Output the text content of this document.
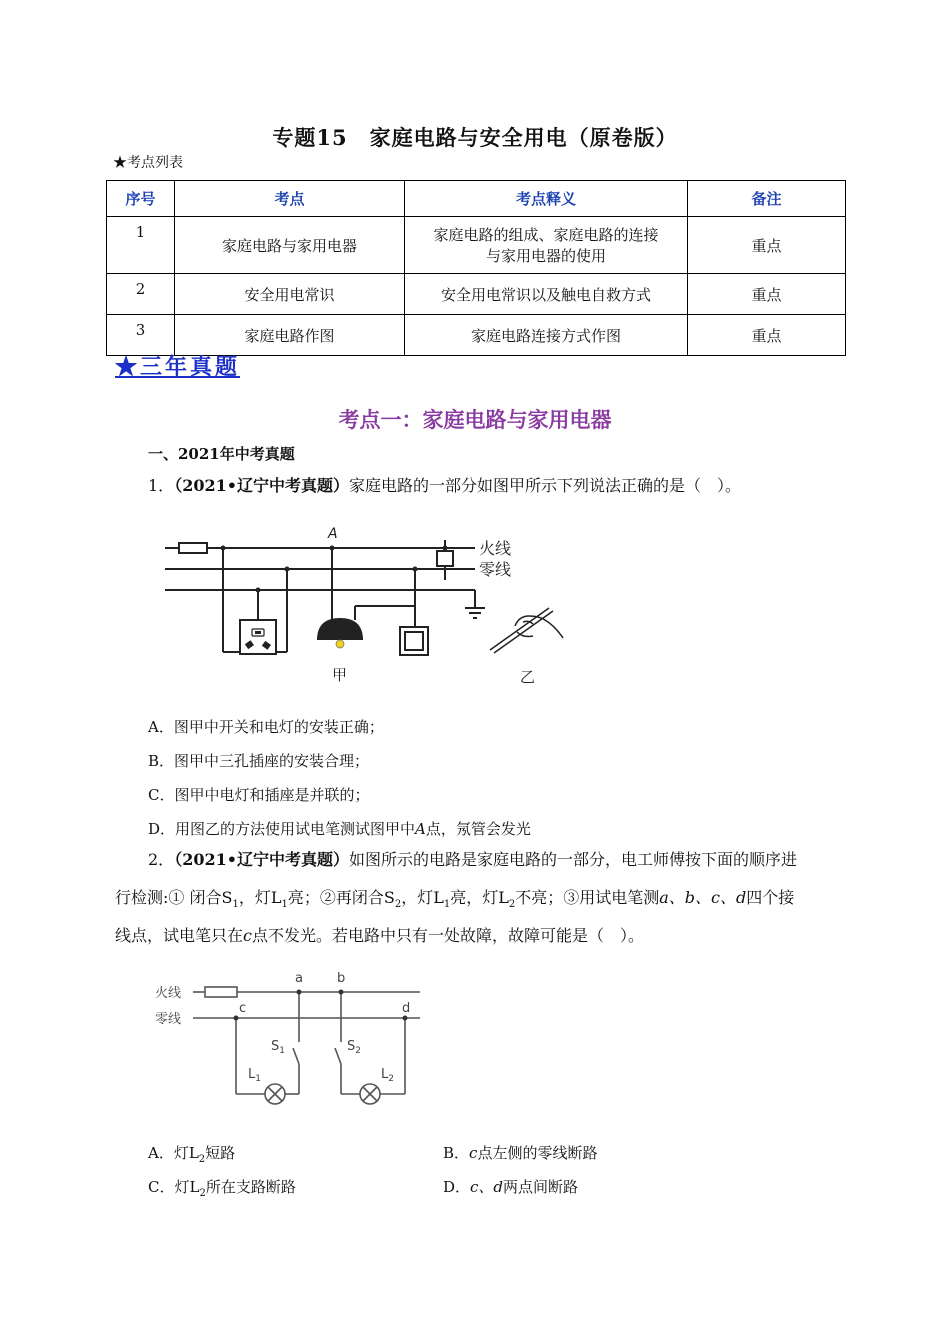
专题15　家庭电路与安全用电（原卷版）
★考点列表
序号	考点	考点释义	备注
1	家庭电路与家用电器	家庭电路的组成、家庭电路的连接
与家用电器的使用	重点
2	安全用电常识	安全用电常识以及触电自救方式	重点
3	家庭电路作图	家庭电路连接方式作图	重点
★三年真题
考点一：家庭电路与家用电器
一、2021年中考真题
1．（2021•辽宁中考真题）家庭电路的一部分如图甲所示下列说法正确的是（　）。
A
火线
零线
甲	乙
A．图甲中开关和电灯的安装正确；
B．图甲中三孔插座的安装合理；
C．图甲中电灯和插座是并联的；
D．用图乙的方法使用试电笔测试图甲中A点，氖管会发光
2．（2021•辽宁中考真题）如图所示的电路是家庭电路的一部分，电工师傅按下面的顺序进
行检测:① 闭合$S_1$，灯$L_1$亮；②再闭合$S_2$，灯$L_1$亮，灯$L_2$不亮；③用试电笔测a、b、c、d四个接
线点，试电笔只在c点不发光。若电路中只有一处故障，故障可能是（　）。
火线
零线
a	b
c	d
$S_1$	$S_2$
$L_1$	$L_2$
A．灯$L_2$短路	B．c点左侧的零线断路
C．灯$L_2$所在支路断路	D．c、d两点间断路
